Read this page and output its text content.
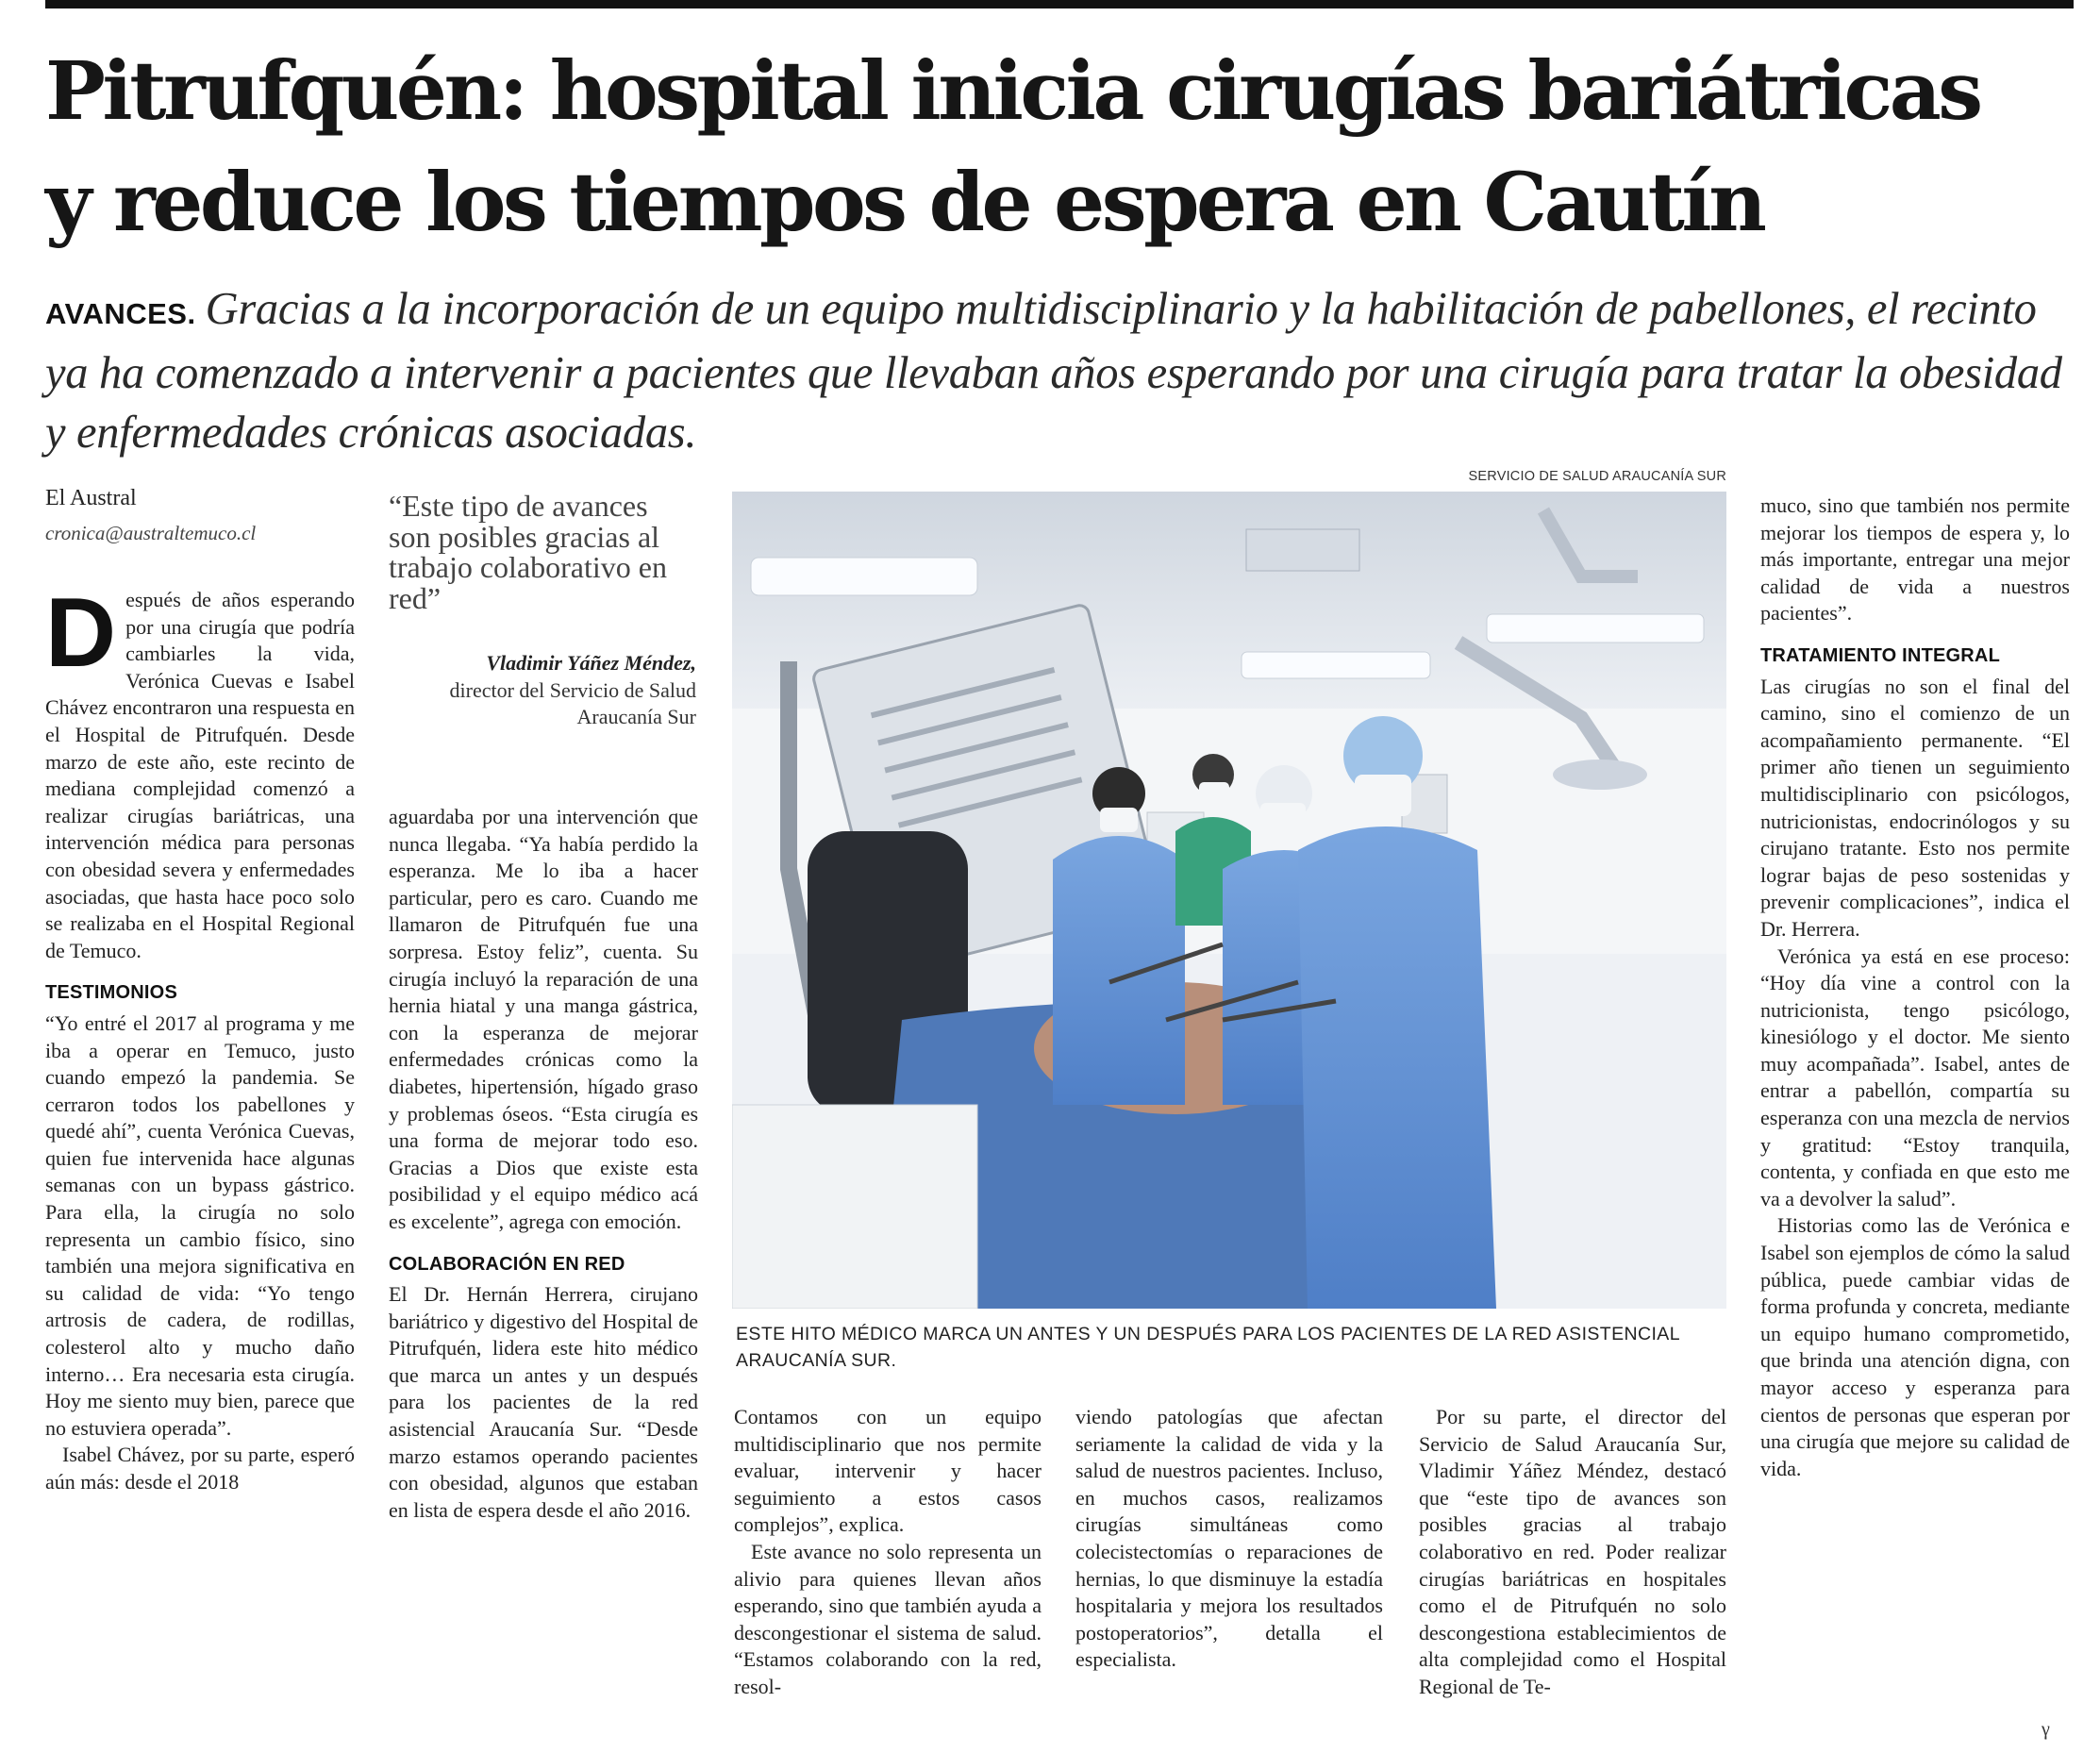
Pitrufquén: hospital inicia cirugías bariátricas
y reduce los tiempos de espera en Cautín

AVANCES. Gracias a la incorporación de un equipo multidisciplinario y la habilitación de pabellones, el recinto ya ha comenzado a intervenir a pacientes que llevaban años esperando por una cirugía para tratar la obesidad y enfermedades crónicas asociadas.

El Austral
cronica@australtemuco.cl

Después de años esperando por una cirugía que podría cambiarles la vida, Verónica Cuevas e Isabel Chávez encontraron una respuesta en el Hospital de Pitrufquén. Desde marzo de este año, este recinto de mediana complejidad comenzó a realizar cirugías bariátricas, una intervención médica para personas con obesidad severa y enfermedades asociadas, que hasta hace poco solo se realizaba en el Hospital Regional de Temuco.

TESTIMONIOS

“Yo entré el 2017 al programa y me iba a operar en Temuco, justo cuando empezó la pandemia. Se cerraron todos los pabellones y quedé ahí”, cuenta Verónica Cuevas, quien fue intervenida hace algunas semanas con un bypass gástrico. Para ella, la cirugía no solo representa un cambio físico, sino también una mejora significativa en su calidad de vida: “Yo tengo artrosis de cadera, de rodillas, colesterol alto y mucho daño interno… Era necesaria esta cirugía. Hoy me siento muy bien, parece que no estuviera operada”.

Isabel Chávez, por su parte, esperó aún más: desde el 2018

“Este tipo de avances son posibles gracias al trabajo colaborativo en red”

Vladimir Yáñez Méndez,
director del Servicio de Salud Araucanía Sur

aguardaba por una intervención que nunca llegaba. “Ya había perdido la esperanza. Me lo iba a hacer particular, pero es caro. Cuando me llamaron de Pitrufquén fue una sorpresa. Estoy feliz”, cuenta. Su cirugía incluyó la reparación de una hernia hiatal y una manga gástrica, con la esperanza de mejorar enfermedades crónicas como la diabetes, hipertensión, hígado graso y problemas óseos. “Esta cirugía es una forma de mejorar todo eso. Gracias a Dios que existe esta posibilidad y el equipo médico acá es excelente”, agrega con emoción.

COLABORACIÓN EN RED

El Dr. Hernán Herrera, cirujano bariátrico y digestivo del Hospital de Pitrufquén, lidera este hito médico que marca un antes y un después para los pacientes de la red asistencial Araucanía Sur. “Desde marzo estamos operando pacientes con obesidad, algunos que estaban en lista de espera desde el año 2016.

SERVICIO DE SALUD ARAUCANÍA SUR

ESTE HITO MÉDICO MARCA UN ANTES Y UN DESPUÉS PARA LOS PACIENTES DE LA RED ASISTENCIAL ARAUCANÍA SUR.

Contamos con un equipo multidisciplinario que nos permite evaluar, intervenir y hacer seguimiento a estos casos complejos”, explica.

Este avance no solo representa un alivio para quienes llevan años esperando, sino que también ayuda a descongestionar el sistema de salud. “Estamos colaborando con la red, resol-

viendo patologías que afectan seriamente la calidad de vida y la salud de nuestros pacientes. Incluso, en muchos casos, realizamos cirugías simultáneas como colecistectomías o reparaciones de hernias, lo que disminuye la estadía hospitalaria y mejora los resultados postoperatorios”, detalla el especialista.

Por su parte, el director del Servicio de Salud Araucanía Sur, Vladimir Yáñez Méndez, destacó que “este tipo de avances son posibles gracias al trabajo colaborativo en red. Poder realizar cirugías bariátricas en hospitales como el de Pitrufquén no solo descongestiona establecimientos de alta complejidad como el Hospital Regional de Te-

muco, sino que también nos permite mejorar los tiempos de espera y, lo más importante, entregar una mejor calidad de vida a nuestros pacientes”.

TRATAMIENTO INTEGRAL

Las cirugías no son el final del camino, sino el comienzo de un acompañamiento permanente. “El primer año tienen un seguimiento multidisciplinario con psicólogos, nutricionistas, endocrinólogos y su cirujano tratante. Esto nos permite lograr bajas de peso sostenidas y prevenir complicaciones”, indica el Dr. Herrera.

Verónica ya está en ese proceso: “Hoy día vine a control con la nutricionista, tengo psicólogo, kinesiólogo y el doctor. Me siento muy acompañada”. Isabel, antes de entrar a pabellón, compartía su esperanza con una mezcla de nervios y gratitud: “Estoy tranquila, contenta, y confiada en que esto me va a devolver la salud”.

Historias como las de Verónica e Isabel son ejemplos de cómo la salud pública, puede cambiar vidas de forma profunda y concreta, mediante un equipo humano comprometido, que brinda una atención digna, con mayor acceso y esperanza para cientos de personas que esperan por una cirugía que mejore su calidad de vida.

γ
